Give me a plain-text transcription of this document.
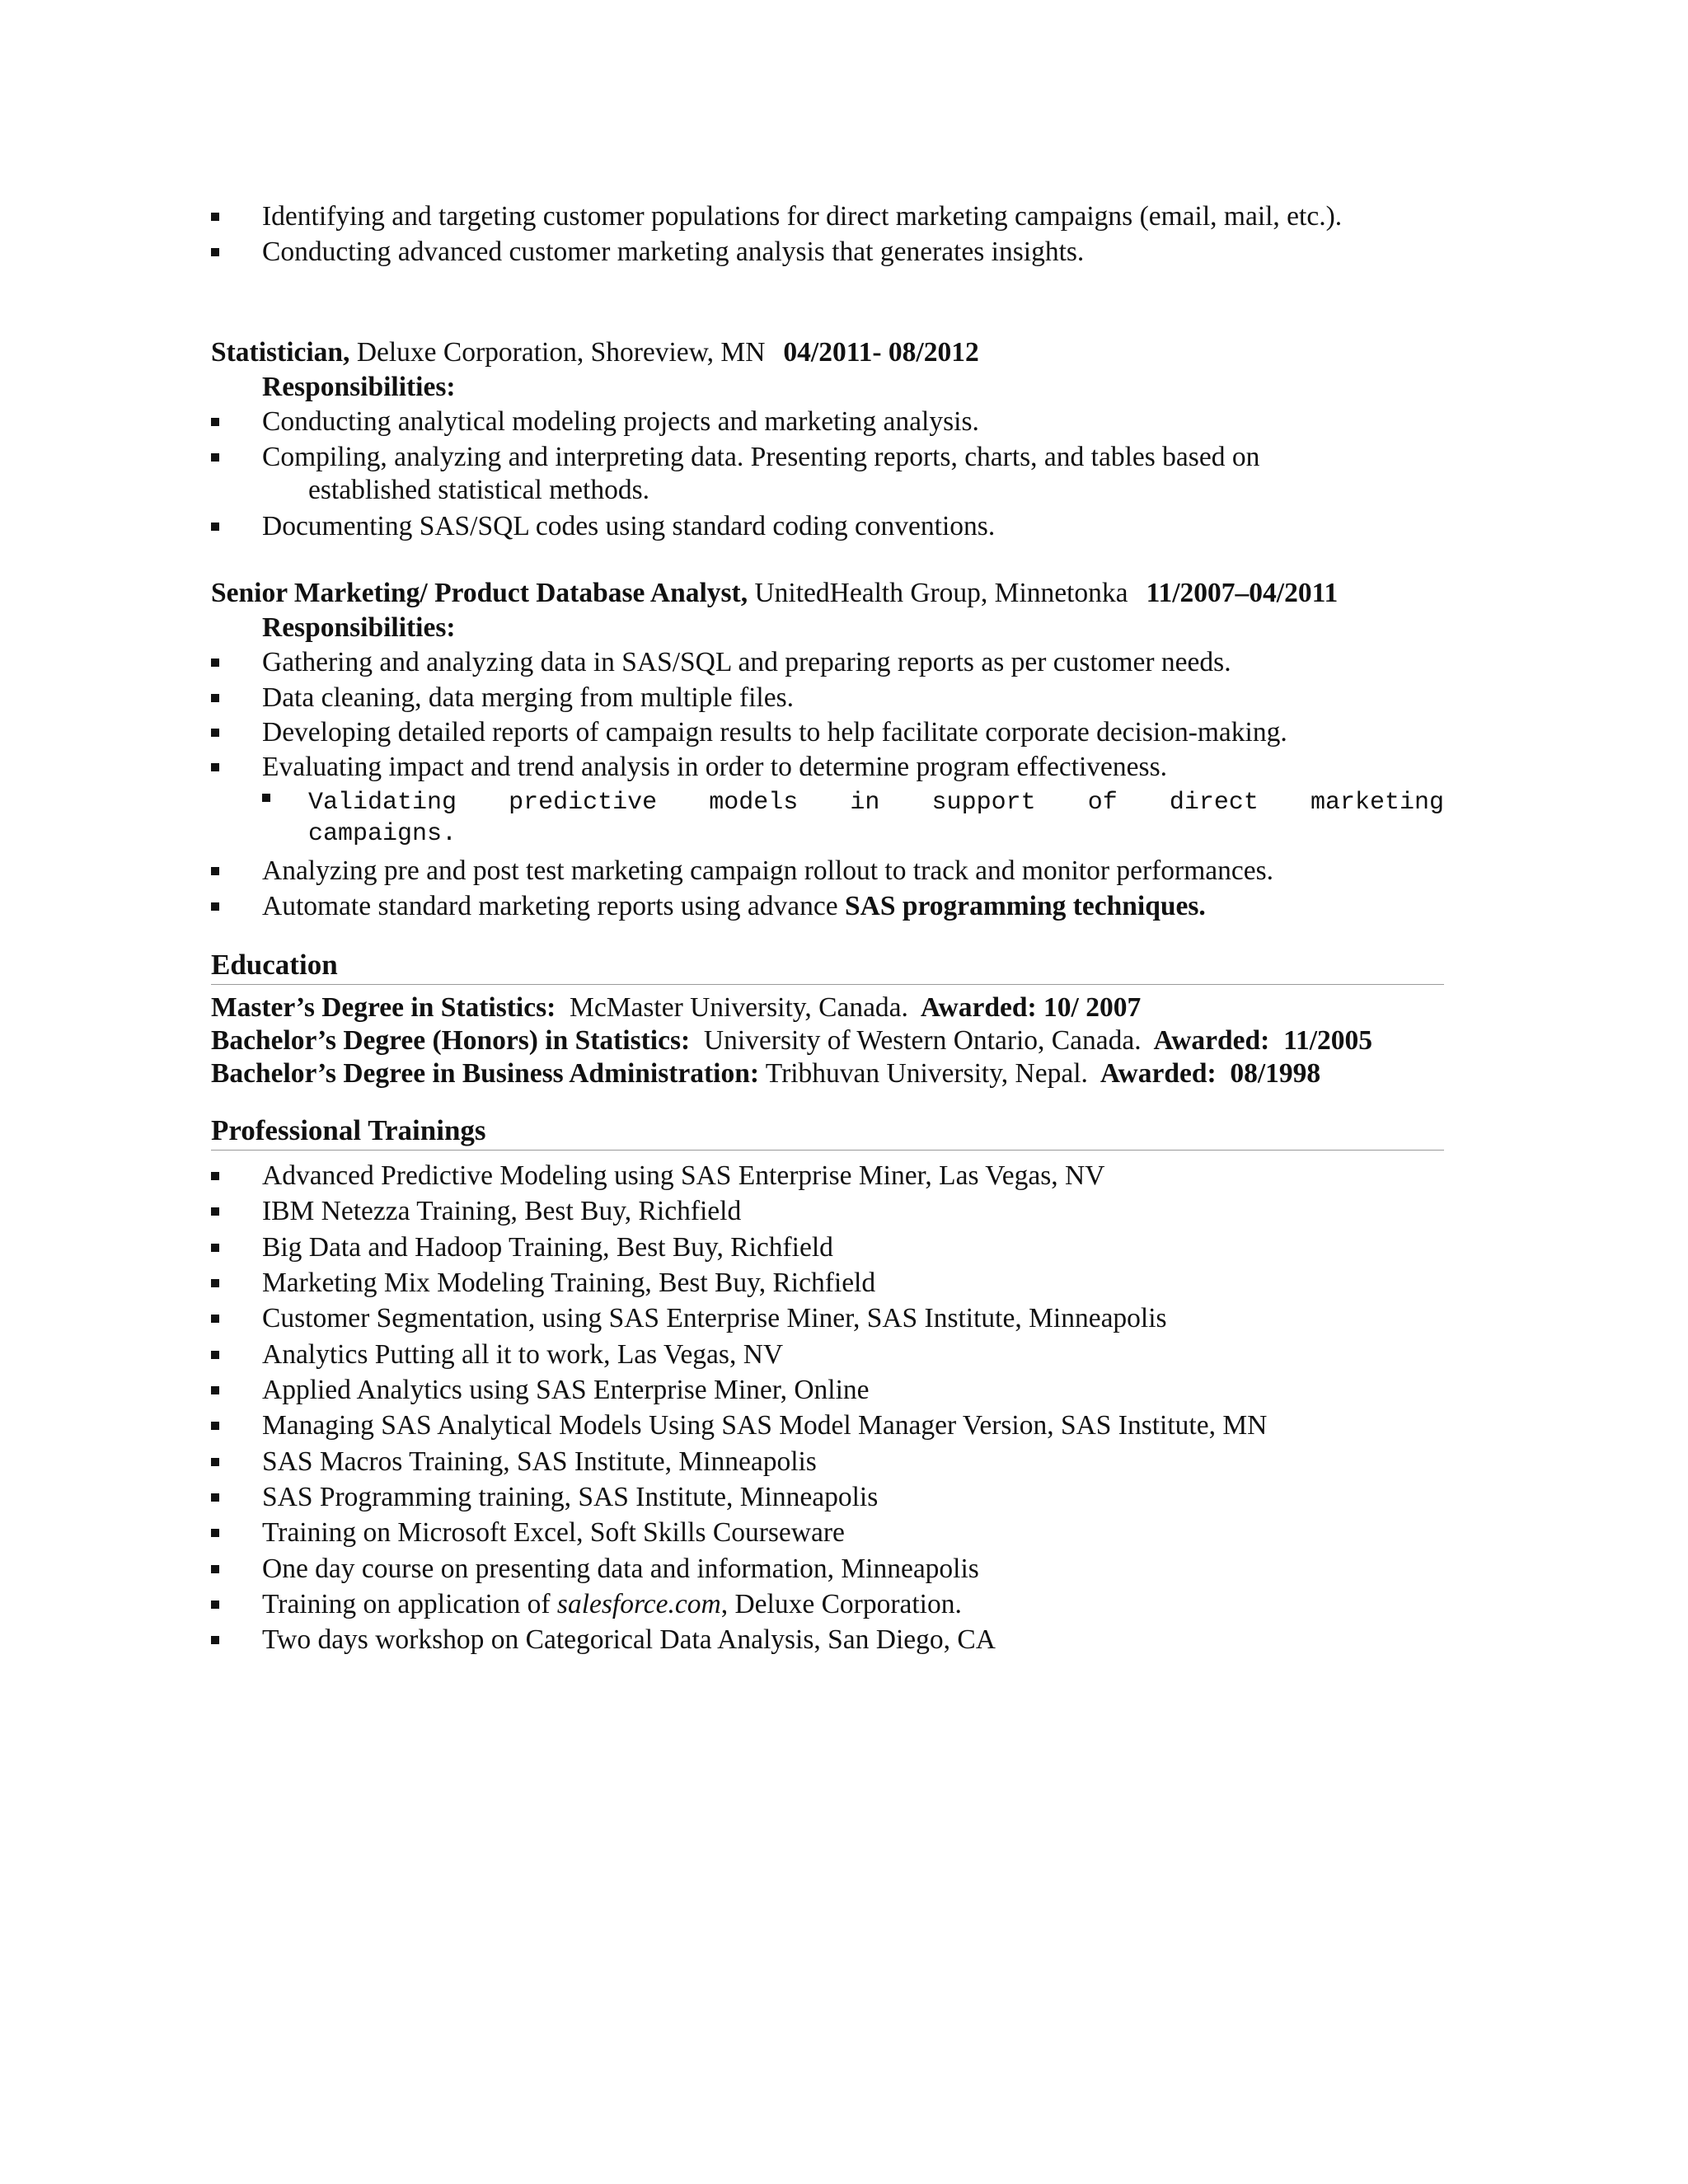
Identifying and targeting customer populations for direct marketing campaigns (email, mail, etc.).
Conducting advanced customer marketing analysis that generates insights.
Statistician, Deluxe Corporation, Shoreview, MN 04/2011- 08/2012
Responsibilities:
Conducting analytical modeling projects and marketing analysis.
Compiling, analyzing and interpreting data. Presenting reports, charts, and tables based on
established statistical methods.
Documenting SAS/SQL codes using standard coding conventions.
Senior Marketing/ Product Database Analyst, UnitedHealth Group, Minnetonka 11/2007–04/2011
Responsibilities:
Gathering and analyzing data in SAS/SQL and preparing reports as per customer needs.
Data cleaning, data merging from multiple files.
Developing detailed reports of campaign results to help facilitate corporate decision-making.
Evaluating impact and trend analysis in order to determine program effectiveness.
Validating predictive models in support of direct marketing
campaigns.
Analyzing pre and post test marketing campaign rollout to track and monitor performances.
Automate standard marketing reports using advance SAS programming techniques.
Education
Master’s Degree in Statistics:  McMaster University, Canada.  Awarded: 10/ 2007
Bachelor’s Degree (Honors) in Statistics:  University of Western Ontario, Canada.  Awarded:  11/2005
Bachelor’s Degree in Business Administration: Tribhuvan University, Nepal.  Awarded:  08/1998
Professional Trainings
Advanced Predictive Modeling using SAS Enterprise Miner, Las Vegas, NV
IBM Netezza Training, Best Buy, Richfield
Big Data and Hadoop Training, Best Buy, Richfield
Marketing Mix Modeling Training, Best Buy, Richfield
Customer Segmentation, using SAS Enterprise Miner, SAS Institute, Minneapolis
Analytics Putting all it to work, Las Vegas, NV
Applied Analytics using SAS Enterprise Miner, Online
Managing SAS Analytical Models Using SAS Model Manager Version, SAS Institute, MN
SAS Macros Training, SAS Institute, Minneapolis
SAS Programming training, SAS Institute, Minneapolis
Training on Microsoft Excel, Soft Skills Courseware
One day course on presenting data and information, Minneapolis
Training on application of salesforce.com, Deluxe Corporation.
Two days workshop on Categorical Data Analysis, San Diego, CA
